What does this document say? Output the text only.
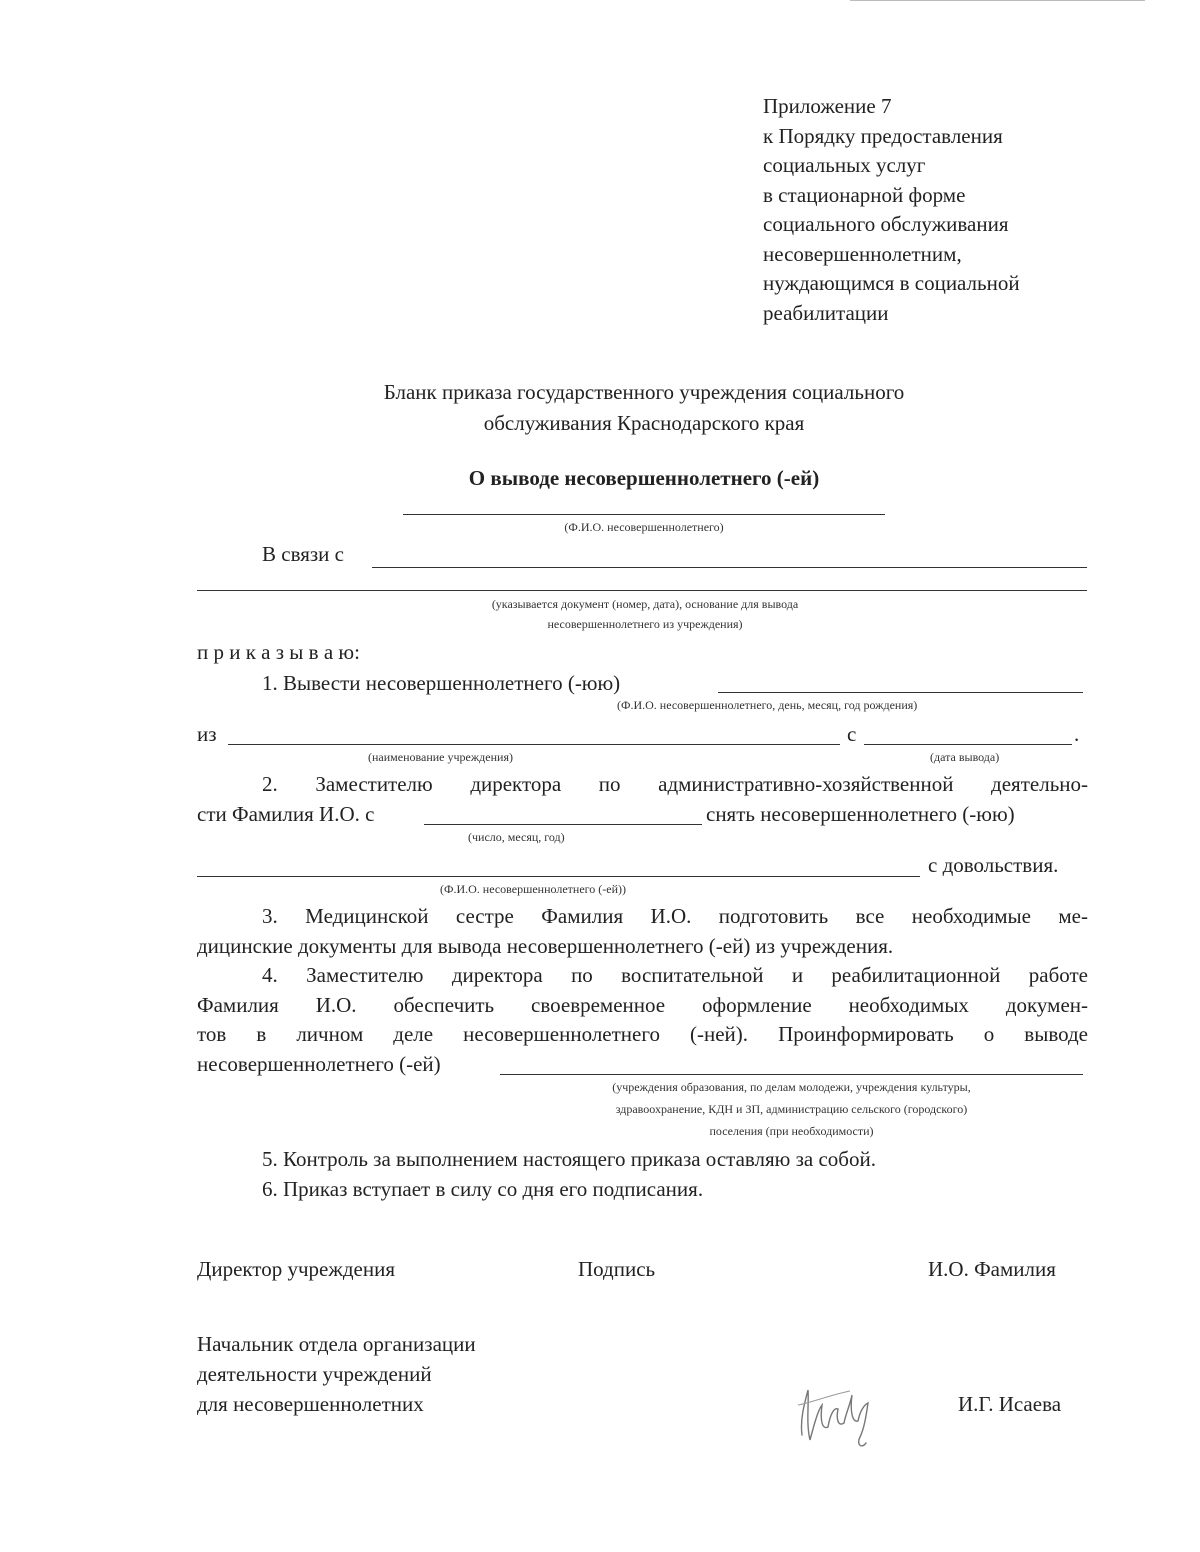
Приложение 7
к Порядку предоставления
социальных услуг
в стационарной форме
социального обслуживания
несовершеннолетним,
нуждающимся в социальной
реабилитации
Бланк приказа государственного учреждения социального
обслуживания Краснодарского края
О выводе несовершеннолетнего (-ей)
(Ф.И.О. несовершеннолетнего)
В связи с
(указывается документ (номер, дата), основание для вывода
несовершеннолетнего из учреждения)
п р и к а з ы в а ю:
1. Вывести несовершеннолетнего (-юю)
(Ф.И.О. несовершеннолетнего, день, месяц, год рождения)
из	с	.
(наименование учреждения)	(дата вывода)
2. Заместителю директора по административно-хозяйственной деятельно-
сти Фамилия И.О. с	снять несовершеннолетнего (-юю)
(число, месяц, год)
с довольствия.
(Ф.И.О. несовершеннолетнего (-ей))
3. Медицинской сестре Фамилия И.О. подготовить все необходимые ме-
дицинские документы для вывода несовершеннолетнего (-ей) из учреждения.
4. Заместителю директора по воспитательной и реабилитационной работе
Фамилия И.О. обеспечить своевременное оформление необходимых докумен-
тов в личном деле несовершеннолетнего (-ней). Проинформировать о выводе
несовершеннолетнего (-ей)
(учреждения образования, по делам молодежи, учреждения культуры,
здравоохранение, КДН и ЗП, администрацию сельского (городского)
поселения (при необходимости)
5. Контроль за выполнением настоящего приказа оставляю за собой.
6. Приказ вступает в силу со дня его подписания.
Директор учреждения	Подпись	И.О. Фамилия
Начальник отдела организации
деятельности учреждений
для несовершеннолетних	И.Г. Исаева
